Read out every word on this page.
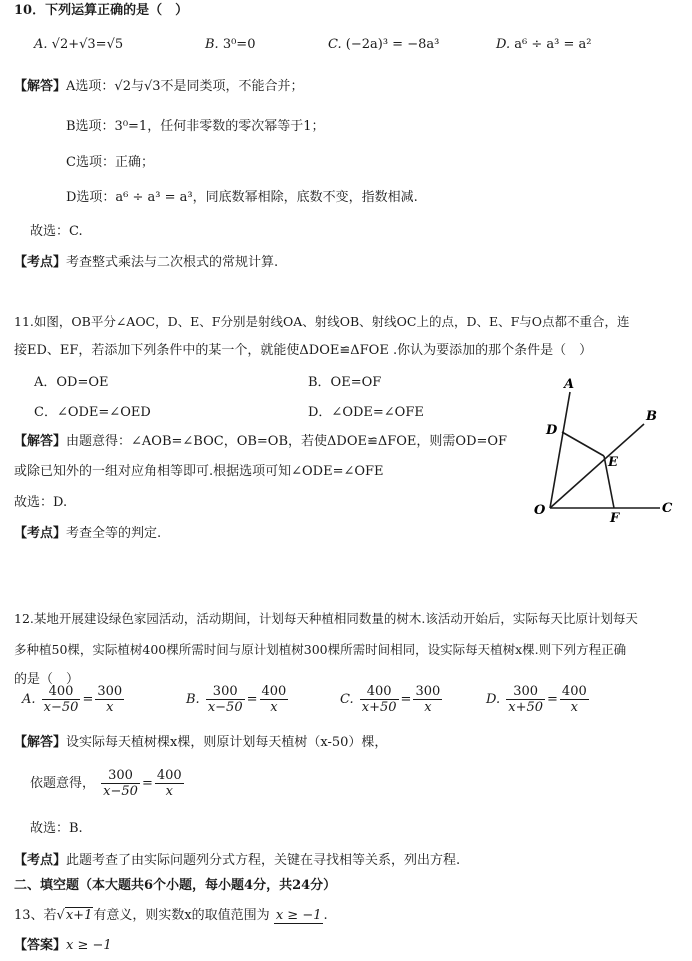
10．下列运算正确的是（　）
A. √2+√3=√5	B. 3⁰=0	C. (−2a)³ = −8a³	D. a⁶ ÷ a³ = a²
【解答】A选项：√2与√3不是同类项，不能合并；
B选项：3⁰=1，任何非零数的零次幂等于1；
C选项：正确；
D选项：a⁶ ÷ a³ = a³，同底数幂相除，底数不变，指数相减.
故选：C.
【考点】考查整式乘法与二次根式的常规计算.
11.如图，OB平分∠AOC，D、E、F分别是射线OA、射线OB、射线OC上的点，D、E、F与O点都不重合，连
接ED、EF，若添加下列条件中的某一个，就能使ΔDOE≌ΔFOE .你认为要添加的那个条件是（　）
A．OD=OE	B．OE=OF
C．∠ODE=∠OED	D．∠ODE=∠OFE
【解答】由题意得：∠AOB=∠BOC，OB=OB，若使ΔDOE≌ΔFOE，则需OD=OF
或除已知外的一组对应角相等即可.根据选项可知∠ODE=∠OFE
故选：D.
【考点】考查全等的判定.
A
B
C
D
E
F
O
12.某地开展建设绿色家园活动，活动期间，计划每天种植相同数量的树木.该活动开始后，实际每天比原计划每天
多种植50棵，实际植树400棵所需时间与原计划植树300棵所需时间相同，设实际每天植树x棵.则下列方程正确
的是（　）
A. $\frac{400}{x-50} = \frac{300}{x}$	B. $\frac{300}{x-50} = \frac{400}{x}$	C. $\frac{400}{x+50} = \frac{300}{x}$	D. $\frac{300}{x+50} = \frac{400}{x}$
【解答】设实际每天植树棵x棵，则原计划每天植树（x-50）棵，
依题意得， $\frac{300}{x-50} = \frac{400}{x}$
故选：B.
【考点】此题考查了由实际问题列分式方程，关键在寻找相等关系，列出方程.
二、填空题（本大题共6个小题，每小题4分，共24分）
13、若√x+1有意义，则实数x的取值范围为 x ≥ −1 .
【答案】x ≥ −1
